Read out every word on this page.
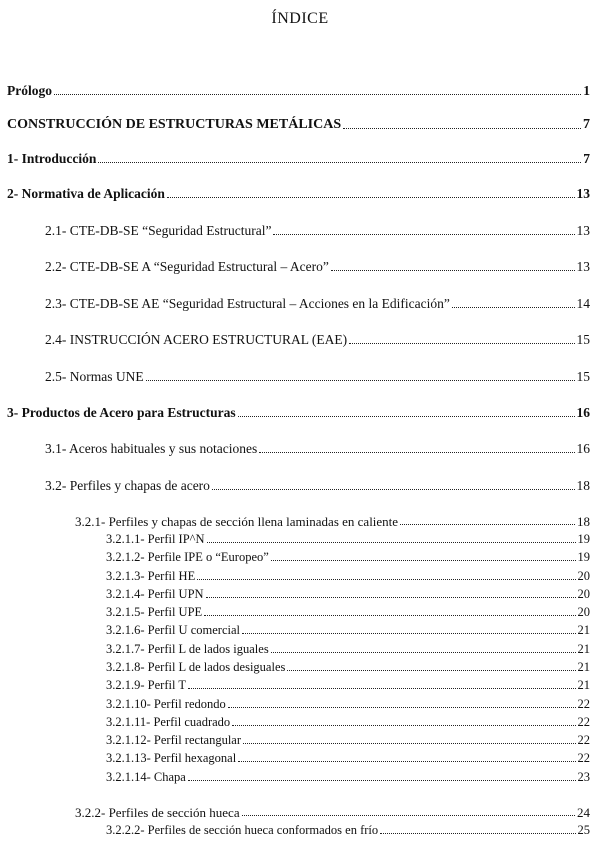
ÍNDICE
Prólogo	1
CONSTRUCCIÓN DE ESTRUCTURAS METÁLICAS	7
1- Introducción	7
2- Normativa de Aplicación	13
2.1- CTE-DB-SE “Seguridad Estructural”	13
2.2- CTE-DB-SE A “Seguridad Estructural – Acero”	13
2.3- CTE-DB-SE AE “Seguridad Estructural – Acciones en la Edificación”	14
2.4- INSTRUCCIÓN ACERO ESTRUCTURAL (EAE)	15
2.5- Normas UNE	15
3- Productos de Acero para Estructuras	16
3.1- Aceros habituales y sus notaciones	16
3.2- Perfiles y chapas de acero	18
3.2.1- Perfiles y chapas de sección llena laminadas en caliente	18
3.2.1.1- Perfil IP^N	19
3.2.1.2- Perfile IPE o “Europeo”	19
3.2.1.3- Perfil HE	20
3.2.1.4- Perfil UPN	20
3.2.1.5- Perfil UPE	20
3.2.1.6- Perfil U comercial	21
3.2.1.7- Perfil L de lados iguales	21
3.2.1.8- Perfil L de lados desiguales	21
3.2.1.9- Perfil T	21
3.2.1.10- Perfil redondo	22
3.2.1.11- Perfil cuadrado	22
3.2.1.12- Perfil rectangular	22
3.2.1.13- Perfil hexagonal	22
3.2.1.14- Chapa	23
3.2.2- Perfiles de sección hueca	24
3.2.2.2- Perfiles de sección hueca conformados en frío	25
